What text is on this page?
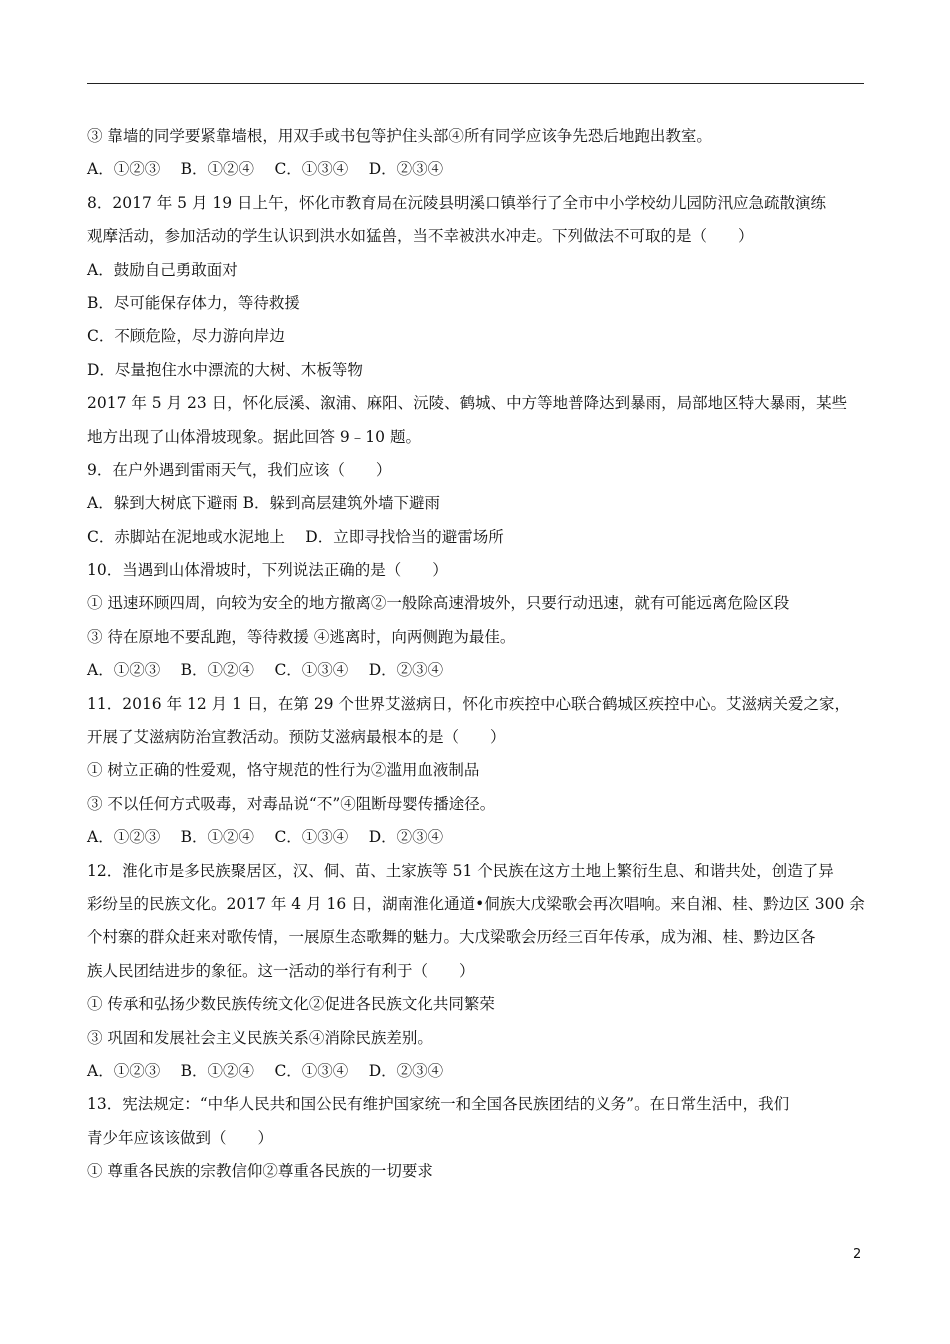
③ 靠墙的同学要紧靠墙根，用双手或书包等护住头部④所有同学应该争先恐后地跑出教室。
A．①②③　 B．①②④　 C．①③④　 D．②③④
8．2017 年 5 月 19 日上午，怀化市教育局在沅陵县明溪口镇举行了全市中小学校幼儿园防汛应急疏散演练
观摩活动，参加活动的学生认识到洪水如猛兽，当不幸被洪水冲走。下列做法不可取的是（　　）
A．鼓励自己勇敢面对
B．尽可能保存体力，等待救援
C．不顾危险，尽力游向岸边
D．尽量抱住水中漂流的大树、木板等物
2017 年 5 月 23 日，怀化辰溪、溆浦、麻阳、沅陵、鹤城、中方等地普降达到暴雨，局部地区特大暴雨，某些
地方出现了山体滑坡现象。据此回答 9﹣10 题。
9．在户外遇到雷雨天气，我们应该（　　）
A．躲到大树底下避雨 B．躲到高层建筑外墙下避雨
C．赤脚站在泥地或水泥地上　 D．立即寻找恰当的避雷场所
10．当遇到山体滑坡时，下列说法正确的是（　　）
① 迅速环顾四周，向较为安全的地方撤离②一般除高速滑坡外，只要行动迅速，就有可能远离危险区段
③ 待在原地不要乱跑，等待救援 ④逃离时，向两侧跑为最佳。
A．①②③　 B．①②④　 C．①③④　 D．②③④
11．2016 年 12 月 1 日，在第 29 个世界艾滋病日，怀化市疾控中心联合鹤城区疾控中心。艾滋病关爱之家，
开展了艾滋病防治宣教活动。预防艾滋病最根本的是（　　）
① 树立正确的性爱观，恪守规范的性行为②滥用血液制品
③ 不以任何方式吸毒，对毒品说“不”④阻断母婴传播途径。
A．①②③　 B．①②④　 C．①③④　 D．②③④
12．淮化市是多民族聚居区，汉、侗、苗、土家族等 51 个民族在这方土地上繁衍生息、和谐共处，创造了异
彩纷呈的民族文化。2017 年 4 月 16 日，湖南淮化通道•侗族大戊梁歌会再次唱响。来自湘、桂、黔边区 300 余
个村寨的群众赶来对歌传情，一展原生态歌舞的魅力。大戊梁歌会历经三百年传承，成为湘、桂、黔边区各
族人民团结进步的象征。这一活动的举行有利于（　　）
① 传承和弘扬少数民族传统文化②促进各民族文化共同繁荣
③ 巩固和发展社会主义民族关系④消除民族差别。
A．①②③　 B．①②④　 C．①③④　 D．②③④
13．宪法规定：“中华人民共和国公民有维护国家统一和全国各民族团结的义务”。在日常生活中，我们
青少年应该该做到（　　）
① 尊重各民族的宗教信仰②尊重各民族的一切要求
2
